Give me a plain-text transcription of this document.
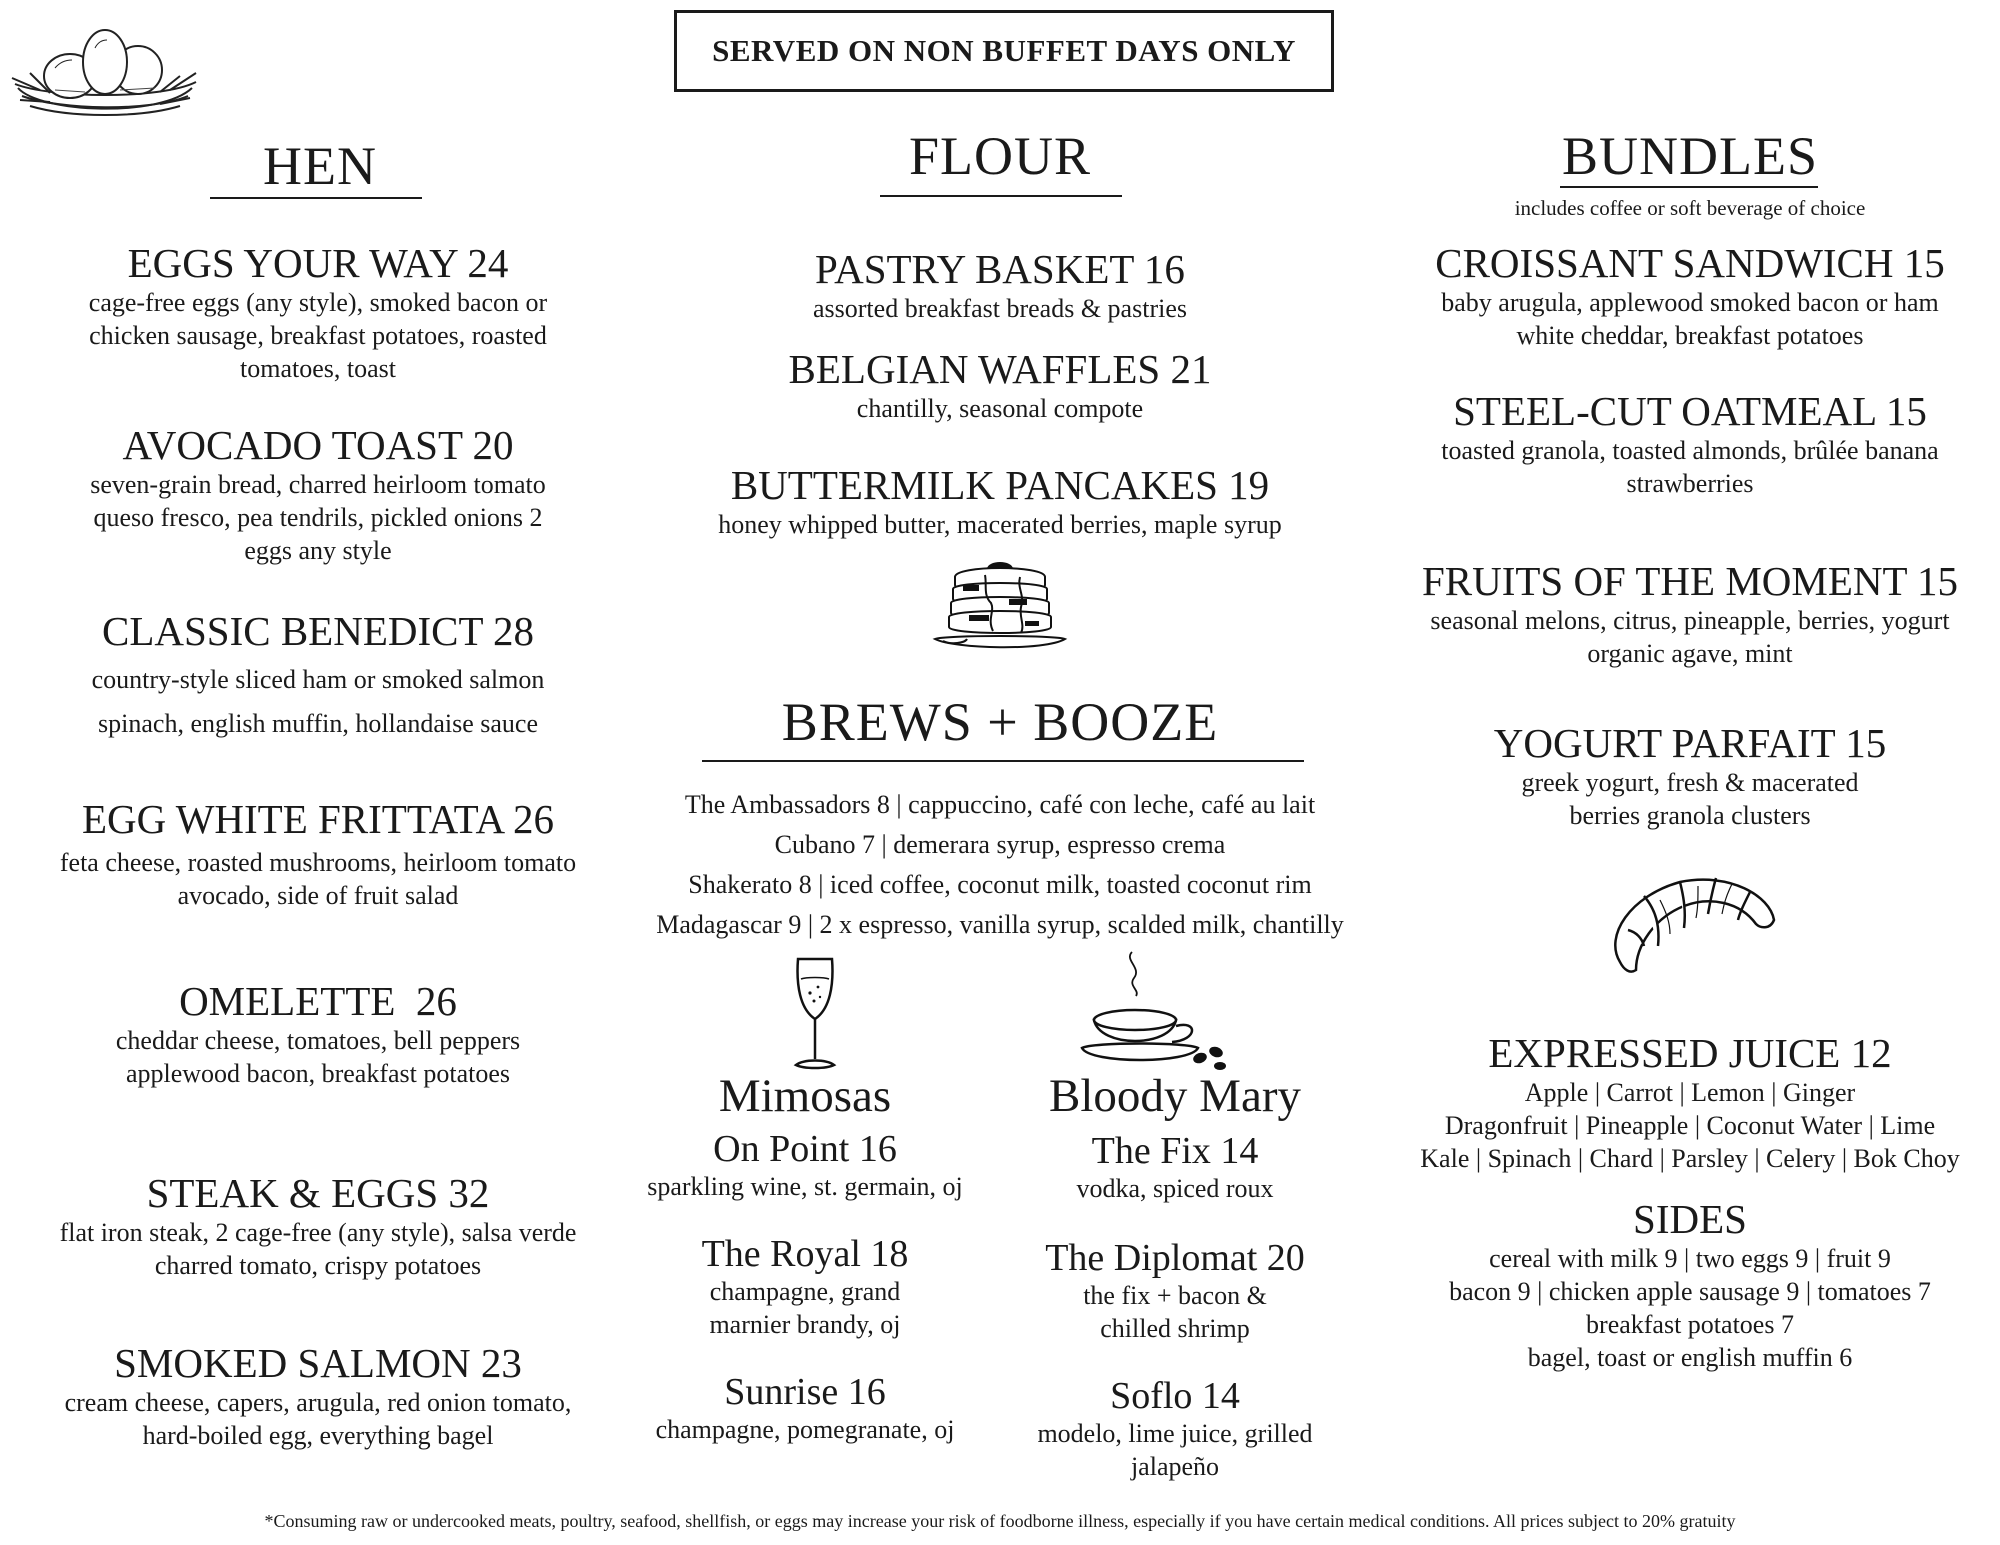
SERVED ON NON BUFFET DAYS ONLY
HEN
EGGS YOUR WAY 24
cage-free eggs (any style), smoked bacon or chicken sausage, breakfast potatoes, roasted tomatoes, toast
AVOCADO TOAST 20
seven-grain bread, charred heirloom tomato queso fresco, pea tendrils, pickled onions 2 eggs any style
CLASSIC BENEDICT 28
country-style sliced ham or smoked salmon spinach, english muffin, hollandaise sauce
EGG WHITE FRITTATA 26
feta cheese, roasted mushrooms, heirloom tomato avocado, side of fruit salad
OMELETTE  26
cheddar cheese, tomatoes, bell peppers applewood bacon, breakfast potatoes
STEAK & EGGS 32
flat iron steak, 2 cage-free (any style), salsa verde charred tomato, crispy potatoes
SMOKED SALMON 23
cream cheese, capers, arugula, red onion tomato, hard-boiled egg, everything bagel
FLOUR
PASTRY BASKET 16
assorted breakfast breads & pastries
BELGIAN WAFFLES 21
chantilly, seasonal compote
BUTTERMILK PANCAKES 19
honey whipped butter, macerated berries, maple syrup
BREWS + BOOZE
The Ambassadors 8 | cappuccino, café con leche, café au lait
Cubano 7 | demerara syrup, espresso crema
Shakerato 8 | iced coffee, coconut milk, toasted coconut rim
Madagascar 9 | 2 x espresso, vanilla syrup, scalded milk, chantilly
Mimosas
On Point 16
sparkling wine, st. germain, oj
The Royal 18
champagne, grand marnier brandy, oj
Sunrise 16
champagne, pomegranate, oj
Bloody Mary
The Fix 14
vodka, spiced roux
The Diplomat 20
the fix + bacon & chilled shrimp
Soflo 14
modelo, lime juice, grilled jalapeño
BUNDLES
includes coffee or soft beverage of choice
CROISSANT SANDWICH 15
baby arugula, applewood smoked bacon or ham white cheddar, breakfast potatoes
STEEL-CUT OATMEAL 15
toasted granola, toasted almonds, brûlée banana strawberries
FRUITS OF THE MOMENT 15
seasonal melons, citrus, pineapple, berries, yogurt organic agave, mint
YOGURT PARFAIT 15
greek yogurt, fresh & macerated berries granola clusters
EXPRESSED JUICE 12
Apple | Carrot | Lemon | Ginger
Dragonfruit | Pineapple | Coconut Water | Lime
Kale | Spinach | Chard | Parsley | Celery | Bok Choy
SIDES
cereal with milk 9 | two eggs 9 | fruit 9
bacon 9 | chicken apple sausage 9 | tomatoes 7
breakfast potatoes 7
bagel, toast or english muffin 6
*Consuming raw or undercooked meats, poultry, seafood, shellfish, or eggs may increase your risk of foodborne illness, especially if you have certain medical conditions. All prices subject to 20% gratuity
